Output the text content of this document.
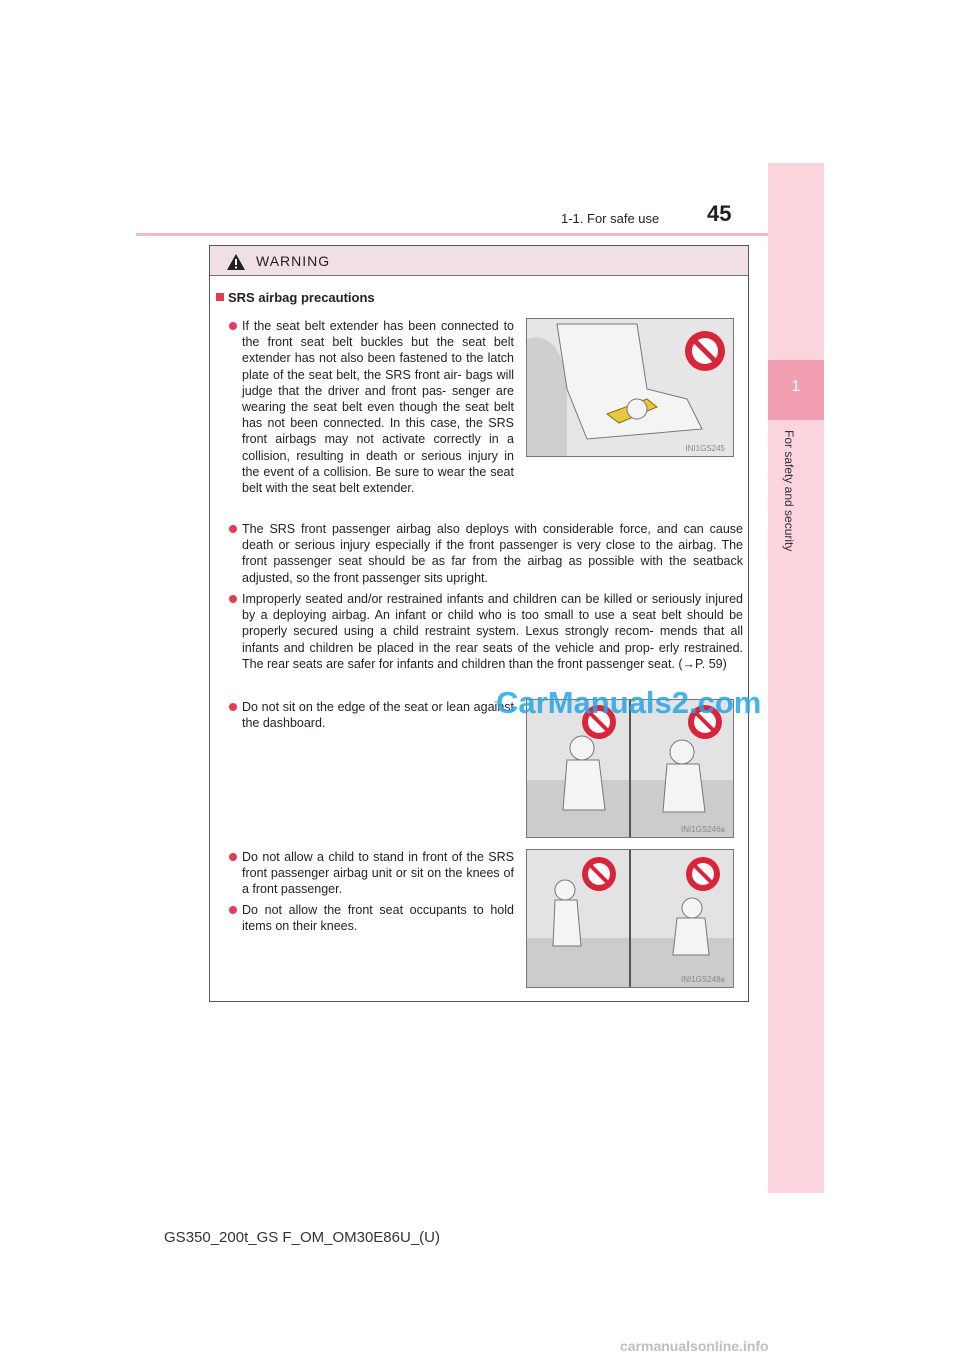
1-1. For safe use 45
1
For safety and security
WARNING
SRS airbag precautions
If the seat belt extender has been connected to the front seat belt buckles but the seat belt extender has not also been fastened to the latch plate of the seat belt, the SRS front air- bags will judge that the driver and front pas- senger are wearing the seat belt even though the seat belt has not been connected. In this case, the SRS front airbags may not activate correctly in a collision, resulting in death or serious injury in the event of a collision. Be sure to wear the seat belt with the seat belt extender.
INI1GS245
The SRS front passenger airbag also deploys with considerable force, and can cause death or serious injury especially if the front passenger is very close to the airbag. The front passenger seat should be as far from the airbag as possible with the seatback adjusted, so the front passenger sits upright.
Improperly seated and/or restrained infants and children can be killed or seriously injured by a deploying airbag. An infant or child who is too small to use a seat belt should be properly secured using a child restraint system. Lexus strongly recom- mends that all infants and children be placed in the rear seats of the vehicle and prop- erly restrained. The rear seats are safer for infants and children than the front passenger seat. (→P. 59)
Do not sit on the edge of the seat or lean against the dashboard.
INI1GS246a
Do not allow a child to stand in front of the SRS front passenger airbag unit or sit on the knees of a front passenger.
Do not allow the front seat occupants to hold items on their knees.
INI1GS248a
CarManuals2.com
GS350_200t_GS F_OM_OM30E86U_(U)
carmanualsonline.info
